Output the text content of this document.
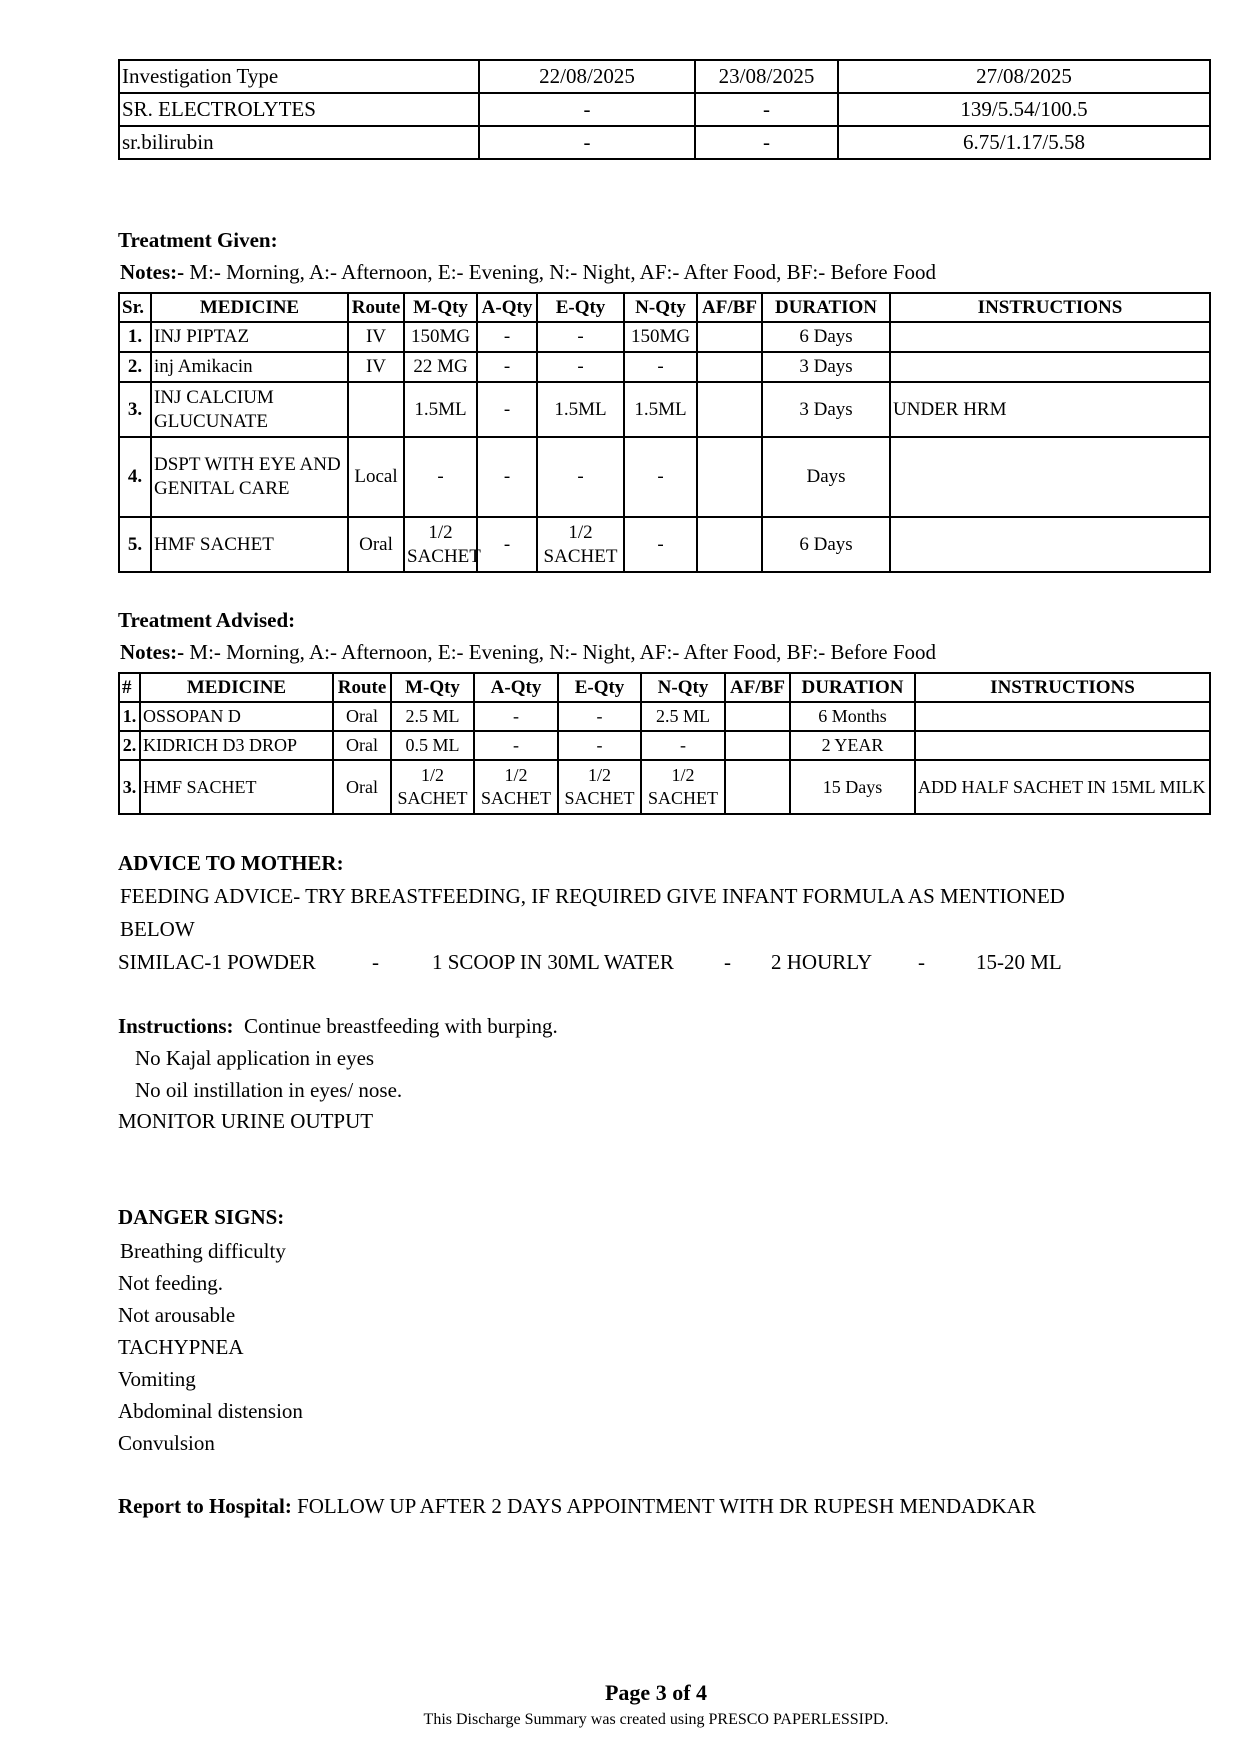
Investigation Type	22/08/2025	23/08/2025	27/08/2025
SR. ELECTROLYTES	-	-	139/5.54/100.5
sr.bilirubin	-	-	6.75/1.17/5.58
Treatment Given:
Notes:- M:- Morning, A:- Afternoon, E:- Evening, N:- Night, AF:- After Food, BF:- Before Food
Sr.	MEDICINE	Route	M-Qty	A-Qty	E-Qty	N-Qty	AF/BF	DURATION	INSTRUCTIONS
1.	INJ PIPTAZ	IV	150MG	-	-	150MG		6 Days	
2.	inj Amikacin	IV	22 MG	-	-	-		3 Days	
3.	INJ CALCIUM GLUCUNATE		1.5ML	-	1.5ML	1.5ML		3 Days	UNDER HRM
4.	DSPT WITH EYE AND GENITAL CARE	Local	-	-	-	-		Days	
5.	HMF SACHET	Oral	1/2 SACHET	-	1/2 SACHET	-		6 Days	
Treatment Advised:
Notes:- M:- Morning, A:- Afternoon, E:- Evening, N:- Night, AF:- After Food, BF:- Before Food
#	MEDICINE	Route	M-Qty	A-Qty	E-Qty	N-Qty	AF/BF	DURATION	INSTRUCTIONS
1.	OSSOPAN D	Oral	2.5 ML	-	-	2.5 ML		6 Months	
2.	KIDRICH D3 DROP	Oral	0.5 ML	-	-	-		2 YEAR	
3.	HMF SACHET	Oral	1/2 SACHET	1/2 SACHET	1/2 SACHET	1/2 SACHET		15 Days	ADD HALF SACHET IN 15ML MILK
ADVICE TO MOTHER:
FEEDING ADVICE- TRY BREASTFEEDING, IF REQUIRED GIVE INFANT FORMULA AS MENTIONED
BELOW
SIMILAC-1 POWDER	-	1 SCOOP IN 30ML WATER - 2 HOURLY - 15-20 ML
Instructions: Continue breastfeeding with burping.
No Kajal application in eyes
No oil instillation in eyes/ nose.
MONITOR URINE OUTPUT
DANGER SIGNS:
Breathing difficulty
Not feeding.
Not arousable
TACHYPNEA
Vomiting
Abdominal distension
Convulsion
Report to Hospital: FOLLOW UP AFTER 2 DAYS APPOINTMENT WITH DR RUPESH MENDADKAR
Page 3 of 4
This Discharge Summary was created using PRESCO PAPERLESSIPD.
